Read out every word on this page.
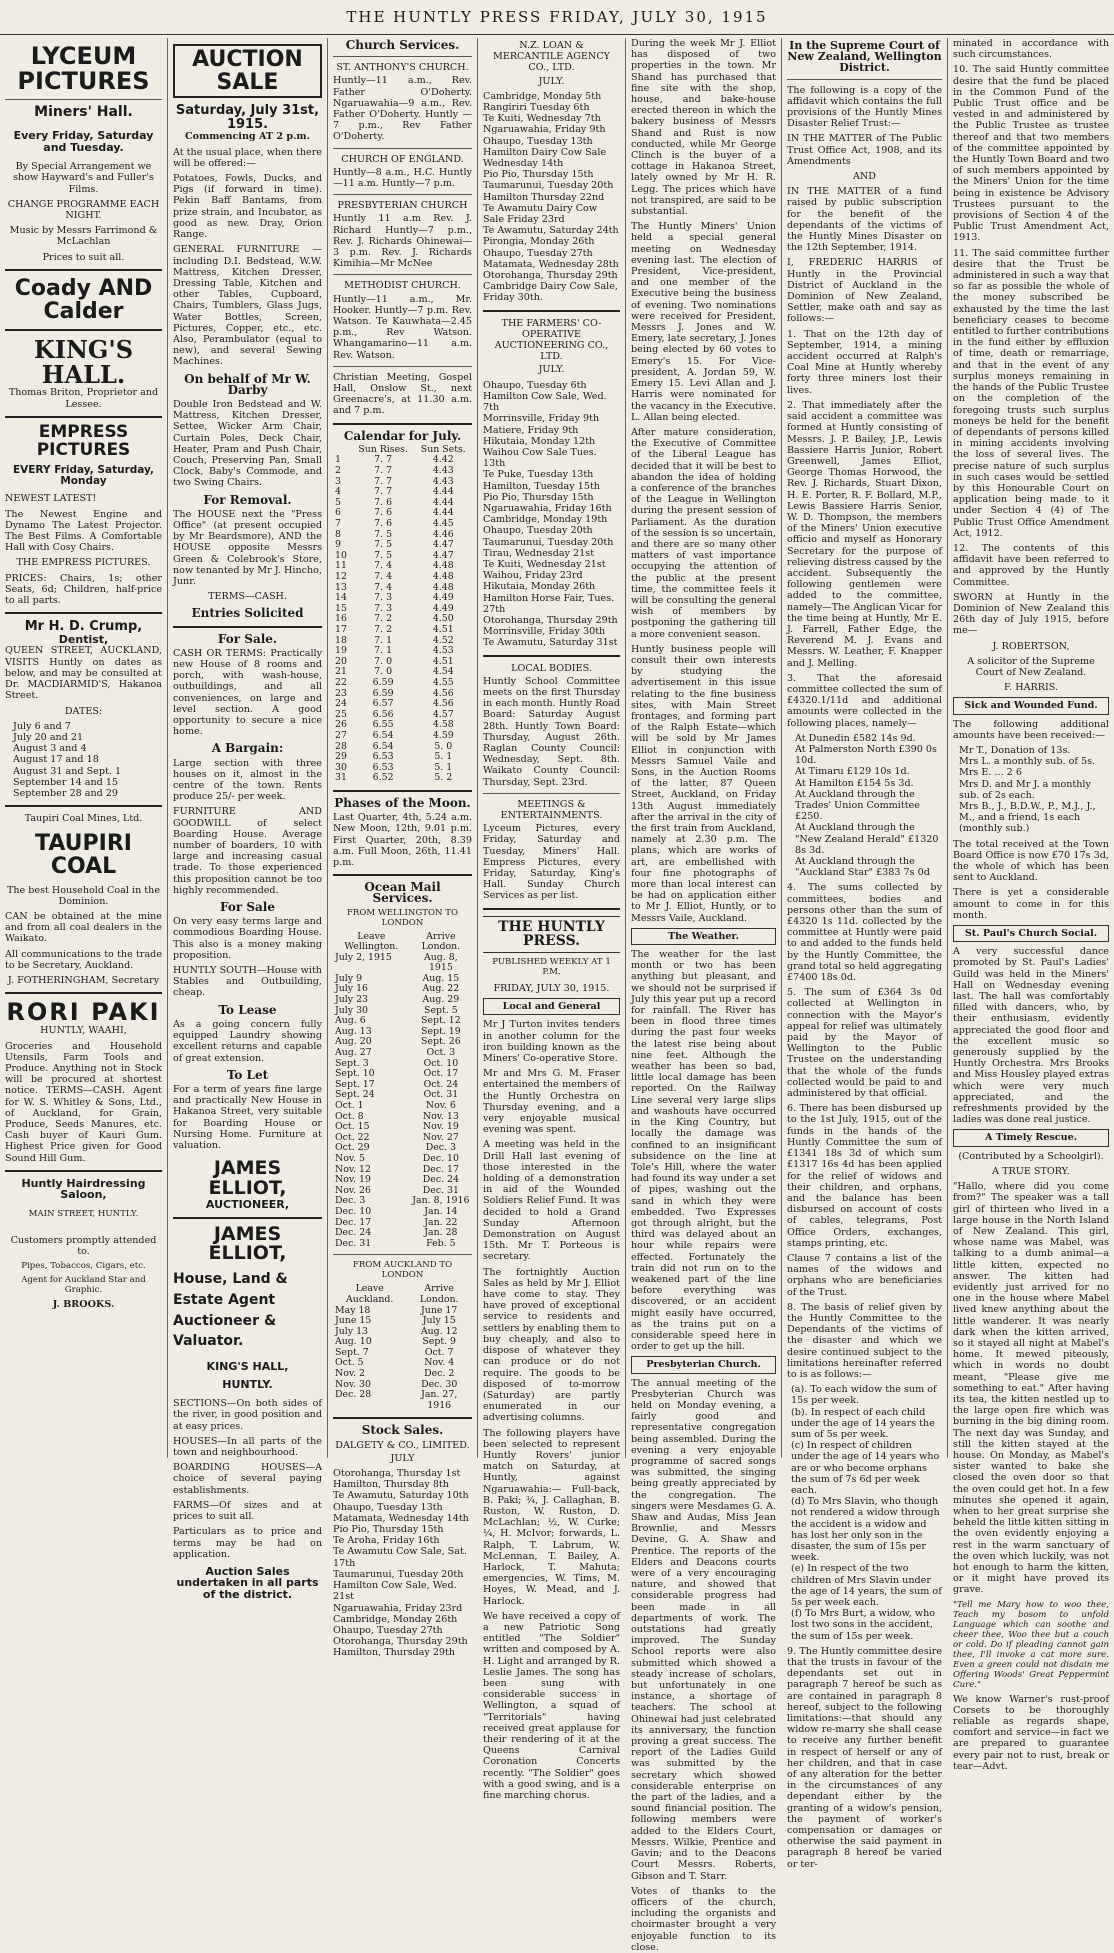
THE HUNTLY PRESS FRIDAY, JULY 30, 1915
LYCEUM PICTURES
Miners' Hall.
Every Friday, Saturday and Tuesday.

By Special Arrangement we show Hayward's and Fuller's Films.

CHANGE PROGRAMME EACH NIGHT.

Music by Messrs Farrimond & McLachlan

Prices to suit all.

Coady AND Calder
KING'S HALL.

Thomas Briton, Proprietor and Lessee.

EMPRESS PICTURES
EVERY Friday, Saturday, Monday

NEWEST LATEST!

The Newest Engine and Dynamo The Latest Projector. The Best Films. A Comfortable Hall with Cosy Chairs.

THE EMPRESS PICTURES.

PRICES: Chairs, 1s; other Seats, 6d; Children, half-price to all parts.

Mr H. D. Crump,
Dentist,

QUEEN STREET, AUCKLAND, VISITS Huntly on dates as below, and may be consulted at Dr. MACDIARMID'S, Hakanoa Street.

DATES:

July 6 and 7
July 20 and 21
August 3 and 4
August 17 and 18
August 31 and Sept. 1
September 14 and 15
September 28 and 29

Taupiri Coal Mines, Ltd.

TAUPIRI COAL

The best Household Coal in the Dominion.

CAN be obtained at the mine and from all coal dealers in the Waikato.

All communications to the trade to be Secretary, Auckland.

J. FOTHERINGHAM, Secretary

RORI PAKI

HUNTLY, WAAHI,

Groceries and Household Utensils, Farm Tools and Produce. Anything not in Stock will be procured at shortest notice. TERMS—CASH. Agent for W. S. Whitley & Sons, Ltd., of Auckland, for Grain, Produce, Seeds Manures, etc. Cash buyer of Kauri Gum. Highest Price given for Good Sound Hill Gum.

Huntly Hairdressing Saloon,

MAIN STREET, HUNTLY.

Customers promptly attended to.

Pipes, Tobaccos, Cigars, etc.

Agent for Auckland Star and Graphic.

J. BROOKS.

AUCTION SALE
Saturday, July 31st, 1915.

Commencing AT 2 p.m.

At the usual place, when there will be offered:—

Potatoes, Fowls, Ducks, and Pigs (if forward in time). Pekin Baff Bantams, from prize strain, and Incubator, as good as new. Dray, Orion Range.

GENERAL FURNITURE — including D.I. Bedstead, W.W. Mattress, Kitchen Dresser, Dressing Table, Kitchen and other Tables, Cupboard, Chairs, Tumblers, Glass Jugs, Water Bottles, Screen, Pictures, Copper, etc., etc. Also, Perambulator (equal to new), and several Sewing Machines.

On behalf of Mr W. Darby

Double Iron Bedstead and W. Mattress, Kitchen Dresser, Settee, Wicker Arm Chair, Curtain Poles, Deck Chair, Heater, Pram and Push Chair, Couch, Preserving Pan, Small Clock, Baby's Commode, and two Swing Chairs.

For Removal.

The HOUSE next the "Press Office" (at present occupied by Mr Beardsmore), AND the HOUSE opposite Messrs Green & Colebrook's Store, now tenanted by Mr J. Hincho, Junr.

TERMS—CASH.

Entries Solicited
For Sale.

CASH OR TERMS: Practically new House of 8 rooms and porch, with wash-house, outbuildings, and all conveniences, on large and level section. A good opportunity to secure a nice home.

A Bargain:

Large section with three houses on it, almost in the centre of the town. Rents produce 25/- per week.

FURNITURE AND GOODWILL of select Boarding House. Average number of boarders, 10 with large and increasing casual trade. To those experienced this proposition cannot be too highly recommended.

For Sale

On very easy terms large and commodious Boarding House. This also is a money making proposition.

HUNTLY SOUTH—House with Stables and Outbuilding, cheap.

To Lease

As a going concern fully equipped Laundry showing excellent returns and capable of great extension.

To Let

For a term of years fine large and practically New House in Hakanoa Street, very suitable for Boarding House or Nursing Home. Furniture at valuation.

JAMES ELLIOT,
AUCTIONEER,
JAMES ELLIOT,
House, Land &
Estate Agent
Auctioneer &
Valuator.
KING'S HALL,
HUNTLY.

SECTIONS—On both sides of the river, in good position and at easy prices.

HOUSES—In all parts of the town and neighbourhood.

BOARDING HOUSES—A choice of several paying establishments.

FARMS—Of sizes and at prices to suit all.

Particulars as to price and terms may be had on application.

Auction Sales undertaken in all parts of the district.
Church Services.

ST. ANTHONY'S CHURCH.

Huntly—11 a.m., Rev. Father O'Doherty. Ngaruawahia—9 a.m., Rev. Father O'Doherty. Huntly —7 p.m., Rev Father O'Doherty.

CHURCH OF ENGLAND.

Huntly—8 a.m., H.C. Huntly—11 a.m. Huntly—7 p.m.

PRESBYTERIAN CHURCH

Huntly 11 a.m Rev. J. Richard Huntly—7 p.m., Rev. J. Richards Ohinewai—3 p.m. Rev. J. Richards Kimihia—Mr McNee

METHODIST CHURCH.

Huntly—11 a.m., Mr. Hooker. Huntly—7 p.m. Rev. Watson. Te Kauwhata—2.45 p.m., Rev Watson. Whangamarino—11 a.m. Rev. Watson.

Christian Meeting, Gospel Hall, Onslow St., next Greenacre's, at 11.30 a.m. and 7 p.m.

Calendar for July.
	Sun Rises.	Sun Sets.
1	7. 7	4.42
2	7. 7	4.43
3	7. 7	4.43
4	7. 7	4.44
5	7. 6	4.44
6	7. 6	4.44
7	7. 6	4.45
8	7. 5	4.46
9	7. 5	4.47
10	7. 5	4.47
11	7. 4	4.48
12	7. 4	4.48
13	7. 4	4.48
14	7. 3	4.49
15	7. 3	4.49
16	7. 2	4.50
17	7. 2	4.51
18	7. 1	4.52
19	7. 1	4.53
20	7. 0	4.51
21	7. 0	4.54
22	6.59	4.55
23	6.59	4.56
24	6.57	4.56
25	6.56	4.57
26	6.55	4.58
27	6.54	4.59
28	6.54	5. 0
29	6.53	5. 1
30	6.53	5. 1
31	6.52	5. 2
Phases of the Moon.

Last Quarter, 4th, 5.24 a.m. New Moon, 12th, 9.01 p.m. First Quarter, 20th, 8.39 a.m. Full Moon, 26th, 11.41 p.m.

Ocean Mail Services.

FROM WELLINGTON TO LONDON

Leave Wellington.	Arrive London.
July 2, 1915	Aug. 8, 1915
July 9	Aug. 15
July 16	Aug. 22
July 23	Aug. 29
July 30	Sept. 5
Aug. 6	Sept. 12
Aug. 13	Sept. 19
Aug. 20	Sept. 26
Aug. 27	Oct. 3
Sept. 3	Oct. 10
Sept. 10	Oct. 17
Sept. 17	Oct. 24
Sept. 24	Oct. 31
Oct. 1	Nov. 6
Oct. 8	Nov. 13
Oct. 15	Nov. 19
Oct. 22	Nov. 27
Oct. 29	Dec. 3
Nov. 5	Dec. 10
Nov. 12	Dec. 17
Nov. 19	Dec. 24
Nov. 26	Dec. 31
Dec. 3	Jan. 8, 1916
Dec. 10	Jan. 14
Dec. 17	Jan. 22
Dec. 24	Jan. 28
Dec. 31	Feb. 5

FROM AUCKLAND TO LONDON

Leave Auckland.	Arrive London.
May 18	June 17
June 15	July 15
July 13	Aug. 12
Aug. 10	Sept. 9
Sept. 7	Oct. 7
Oct. 5	Nov. 4
Nov. 2	Dec. 2
Nov. 30	Dec. 30
Dec. 28	Jan. 27, 1916
Stock Sales.

DALGETY & CO., LIMITED.

JULY

Otorohanga, Thursday 1st
Hamilton, Thursday 8th
Te Awamutu, Saturday 10th
Ohaupo, Tuesday 13th
Matamata, Wednesday 14th
Pio Pio, Thursday 15th
Te Aroha, Friday 16th
Te Awamutu Cow Sale, Sat. 17th
Taumarunui, Tuesday 20th
Hamilton Cow Sale, Wed. 21st
Ngaruawahia, Friday 23rd
Cambridge, Monday 26th
Ohaupo, Tuesday 27th
Otorohanga, Thursday 29th
Hamilton, Thursday 29th

N.Z. LOAN & MERCANTILE AGENCY CO., LTD.

JULY.

Cambridge, Monday 5th
Rangiriri Tuesday 6th
Te Kuiti, Wednesday 7th
Ngaruawahia, Friday 9th
Ohaupo, Tuesday 13th
Hamilton Dairy Cow Sale Wednesday 14th
Pio Pio, Thursday 15th
Taumarunui, Tuesday 20th
Hamilton Thursday 22nd
Te Awamutu Dairy Cow Sale Friday 23rd
Te Awamutu, Saturday 24th
Pirongia, Monday 26th
Ohaupo, Tuesday 27th
Matamata, Wednesday 28th
Otorohanga, Thursday 29th
Cambridge Dairy Cow Sale, Friday 30th.

THE FARMERS' CO-OPERATIVE AUCTIONEERING CO., LTD.

JULY.

Ohaupo, Tuesday 6th
Hamilton Cow Sale, Wed. 7th
Morrinsville, Friday 9th
Matiere, Friday 9th
Hikutaia, Monday 12th
Waihou Cow Sale Tues. 13th
Te Puke, Tuesday 13th
Hamilton, Tuesday 15th
Pio Pio, Thursday 15th
Ngaruawahia, Friday 16th
Cambridge, Monday 19th
Ohaupo, Tuesday 20th
Taumarunui, Tuesday 20th
Tirau, Wednesday 21st
Te Kuiti, Wednesday 21st
Waihou, Friday 23rd
Hikutaia, Monday 26th
Hamilton Horse Fair, Tues. 27th
Otorohanga, Thursday 29th
Morrinsville, Friday 30th
Te Awamutu, Saturday 31st

LOCAL BODIES.

Huntly School Committee meets on the first Thursday in each month. Huntly Road Board: Saturday August 28th. Huntly Town Board: Thursday, August 26th. Raglan County Council: Wednesday, Sept. 8th. Waikato County Council: Thursday, Sept. 23rd.

MEETINGS & ENTERTAINMENTS.

Lyceum Pictures, every Friday, Saturday and Tuesday, Miners' Hall. Empress Pictures, every Friday, Saturday, King's Hall. Sunday Church Services as per list.

THE HUNTLY PRESS.

PUBLISHED WEEKLY AT 1 P.M.

FRIDAY, JULY 30, 1915.

Local and General

Mr J Turton invites tenders in another column for the iron building known as the Miners' Co-operative Store.

Mr and Mrs G. M. Fraser entertained the members of the Huntly Orchestra on Thursday evening, and a very enjoyable musical evening was spent.

A meeting was held in the Drill Hall last evening of those interested in the holding of a demonstration in aid of the Wounded Soldiers Relief Fund. It was decided to hold a Grand Sunday Afternoon Demonstration on August 15th. Mr T. Porteous is secretary.

The fortnightly Auction Sales as held by Mr J. Elliot have come to stay. They have proved of exceptional service to residents and settlers by enabling them to buy cheaply, and also to dispose of whatever they can produce or do not require. The goods to be disposed of to-morrow (Saturday) are partly enumerated in our advertising columns.

The following players have been selected to represent Huntly Rovers' junior match on Saturday, at Huntly, against Ngaruawahia:— Full-back, B. Paki; ¾, J. Callaghan, B. Ruston, W. Ruston, D. McLachlan; ½, W. Curke; ¼, H. McIvor; forwards, L. Ralph, T. Labrum, W. McLennan, T. Bailey, A. Harlock, T. Mahuta; emergencies, W. Tims, M. Hoyes, W. Mead, and J. Harlock.

We have received a copy of a new Patriotic Song entitled "The Soldier" written and composed by A. H. Light and arranged by R. Leslie James. The song has been sung with considerable success in Wellington, a squad of "Territorials" having received great applause for their rendering of it at the Queens Carnival Coronation Concerts recently. "The Soldier" goes with a good swing, and is a fine marching chorus.

During the week Mr J. Elliot has disposed of two properties in the town. Mr Shand has purchased that fine site with the shop, house, and bake-house erected thereon in which the bakery business of Messrs Shand and Rust is now conducted, while Mr George Clinch is the buyer of a cottage in Hakanoa Street, lately owned by Mr H. R. Legg. The prices which have not transpired, are said to be substantial.

The Huntly Miners' Union held a special general meeting on Wednesday evening last. The election of President, Vice-president, and one member of the Executive being the business of evening. Two nominations were received for President, Messrs J. Jones and W. Emery, late secretary, J. Jones being elected by 60 votes to Emery's 15. For Vice-president, A. Jordan 59, W. Emery 15. Levi Allan and J. Harris were nominated for the vacancy in the Executive. L. Allan being elected.

After mature consideration, the Executive of Committee of the Liberal League has decided that it will be best to abandon the idea of holding a conference of the branches of the League in Wellington during the present session of Parliament. As the duration of the session is so uncertain, and there are so many other matters of vast importance occupying the attention of the public at the present time, the committee feels it will be consulting the general wish of members by postponing the gathering till a more convenient season.

Huntly business people will consult their own interests by studying the advertisement in this issue relating to the fine business sites, with Main Street frontages, and forming part of the Ralph Estate—which will be sold by Mr James Elliot in conjunction with Messrs Samuel Vaile and Sons, in the Auction Rooms of the latter, 87 Queen Street, Auckland, on Friday 13th August immediately after the arrival in the city of the first train from Auckland, namely at 2.30 p.m. The plans, which are works of art, are embellished with four fine photographs of more than local interest can be had on application either to Mr J. Elliot, Huntly, or to Messrs Vaile, Auckland.

The Weather.

The weather for the last month or two has been anything but pleasant, and we should not be surprised if July this year put up a record for rainfall. The River has been in flood three times during the past four weeks the latest rise being about nine feet. Although the weather has been so bad, little local damage has been reported. On the Railway Line several very large slips and washouts have occurred in the King Country, but locally the damage was confined to an insignificant subsidence on the line at Tole's Hill, where the water had found its way under a set of pipes, washing out the sand in which they were embedded. Two Expresses got through alright, but the third was delayed about an hour while repairs were effected. Fortunately the train did not run on to the weakened part of the line before everything was discovered, or an accident might easily have occurred, as the trains put on a considerable speed here in order to get up the hill.

Presbyterian Church.

The annual meeting of the Presbyterian Church was held on Monday evening, a fairly good and representative congregation being assembled. During the evening a very enjoyable programme of sacred songs was submitted, the singing being greatly appreciated by the congregation. The singers were Mesdames G. A. Shaw and Audas, Miss Jean Brownlie, and Messrs Devine, G. A. Shaw and Prentice. The reports of the Elders and Deacons courts were of a very encouraging nature, and showed that considerable progress had been made in all departments of work. The outstations had greatly improved. The Sunday School reports were also submitted which showed a steady increase of scholars, but unfortunately in one instance, a shortage of teachers. The school at Ohinewai had just celebrated its anniversary, the function proving a great success. The report of the Ladies Guild was submitted by the secretary which showed considerable enterprise on the part of the ladies, and a sound financial position. The following members were added to the Elders Court, Messrs. Wilkie, Prentice and Gavin; and to the Deacons Court Messrs. Roberts, Gibson and T. Starr.

Votes of thanks to the officers of the church, including the organists and choirmaster brought a very enjoyable function to its close.

In the Supreme Court of New Zealand, Wellington District.

The following is a copy of the affidavit which contains the full provisions of the Huntly Mines Disaster Relief Trust:—

IN THE MATTER of The Public Trust Office Act, 1908, and its Amendments

AND

IN THE MATTER of a fund raised by public subscription for the benefit of the dependants of the victims of the Huntly Mines Disaster on the 12th September, 1914.

I, FREDERIC HARRIS of Huntly in the Provincial District of Auckland in the Dominion of New Zealand, Settler, make oath and say as follows:—

1. That on the 12th day of September, 1914, a mining accident occurred at Ralph's Coal Mine at Huntly whereby forty three miners lost their lives.

2. That immediately after the said accident a committee was formed at Huntly consisting of Messrs. J. P. Bailey, J.P., Lewis Bassiere Harris Junior, Robert Greenwell, James Elliot, George Thomas Horwood, the Rev. J. Richards, Stuart Dixon, H. E. Porter, R. F. Bollard, M.P., Lewis Bassiere Harris Senior, W. D. Thompson, the members of the Miners' Union executive officio and myself as Honorary Secretary for the purpose of relieving distress caused by the accident. Subsequently the following gentlemen were added to the committee, namely—The Anglican Vicar for the time being at Huntly, Mr E. J. Farrell, Father Edge, the Reverend M. J. Evans and Messrs. W. Leather, F. Knapper and J. Melling.

3. That the aforesaid committee collected the sum of £4320.1/11d and additional amounts were collected in the following places, namely—

At Dunedin £582 14s 9d.
At Palmerston North £390 0s 10d.
At Timaru £129 10s 1d.
At Hamilton £154 5s 3d.
At Auckland through the Trades' Union Committee £250.
At Auckland through the "New Zealand Herald" £1320 8s 3d.
At Auckland through the "Auckland Star" £383 7s 0d

4. The sums collected by committees, bodies and persons other than the sum of £4320 1s 11d. collected by the committee at Huntly were paid to and added to the funds held by the Huntly Committee, the grand total so held aggregating £7400 18s 0d.

5. The sum of £364 3s 0d collected at Wellington in connection with the Mayor's appeal for relief was ultimately paid by the Mayor of Wellington to the Public Trustee on the understanding that the whole of the funds collected would be paid to and administered by that official.

6. There has been disbursed up to the 1st July, 1915, out of the funds in the hands of the Huntly Committee the sum of £1341 18s 3d of which sum £1317 16s 4d has been applied for the relief of widows and their children, and orphans, and the balance has been disbursed on account of costs of cables, telegrams, Post Office Orders, exchanges, stamps printing, etc.

Clause 7 contains a list of the names of the widows and orphans who are beneficiaries of the Trust.

8. The basis of relief given by the Huntly Committee to the Dependants of the victims of the disaster and which we desire continued subject to the limitations hereinafter referred to is as follows:—

(a). To each widow the sum of 15s per week.
(b). In respect of each child under the age of 14 years the sum of 5s per week.
(c) In respect of children under the age of 14 years who are or who become orphans the sum of 7s 6d per week each.
(d) To Mrs Slavin, who though not rendered a widow through the accident is a widow and has lost her only son in the disaster, the sum of 15s per week.
(e) In respect of the two children of Mrs Slavin under the age of 14 years, the sum of 5s per week each.
(f) To Mrs Burt, a widow, who lost two sons in the accident, the sum of 15s per week.

9. The Huntly committee desire that the trusts in favour of the dependants set out in paragraph 7 hereof be such as are contained in paragraph 8 hereof, subject to the following limitations:—that should any widow re-marry she shall cease to receive any further benefit in respect of herself or any of her children, and that in case of any alteration for the better in the circumstances of any dependant either by the granting of a widow's pension, the payment of worker's compensation or damages or otherwise the said payment in paragraph 8 hereof be varied or ter-

minated in accordance with such circumstances.

10. The said Huntly committee desire that the fund be placed in the Common Fund of the Public Trust office and be vested in and administered by the Public Trustee as trustee thereof and that two members of the committee appointed by the Huntly Town Board and two of such members appointed by the Miners' Union for the time being in existence be Advisory Trustees pursuant to the provisions of Section 4 of the Public Trust Amendment Act, 1913.

11. The said committee further desire that the Trust be administered in such a way that so far as possible the whole of the money subscribed be exhausted by the time the last beneficiary ceases to become entitled to further contributions in the fund either by effluxion of time, death or remarriage, and that in the event of any surplus moneys remaining in the hands of the Public Trustee on the completion of the foregoing trusts such surplus moneys be held for the benefit of dependants of persons killed in mining accidents involving the loss of several lives. The precise nature of such surplus in such cases would be settled by this Honourable Court on application being made to it under Section 4 (4) of The Public Trust Office Amendment Act, 1912.

12. The contents of this affidavit have been referred to and approved by the Huntly Committee.

SWORN at Huntly in the Dominion of New Zealand this 26th day of July 1915, before me—

J. ROBERTSON,

A solicitor of the Supreme Court of New Zealand.

F. HARRIS.

Sick and Wounded Fund.

The following additional amounts have been received:—

Mr T., Donation of 13s.
Mrs L. a monthly sub. of 5s.
Mrs E. ... 2 6
Mrs D. and Mr J. a monthly sub. of 2s each.
Mrs B., J., B.D.W., P., M.J., J., M., and a friend, 1s each (monthly sub.)

The total received at the Town Board Office is now £70 17s 3d, the whole of which has been sent to Auckland.

There is yet a considerable amount to come in for this month.

St. Paul's Church Social.

A very successful dance promoted by St. Paul's Ladies' Guild was held in the Miners' Hall on Wednesday evening last. The hall was comfortably filled with dancers, who, by their enthusiasm, evidently appreciated the good floor and the excellent music so generously supplied by the Huntly Orchestra. Mrs Brooks and Miss Housley played extras which were very much appreciated, and the refreshments provided by the ladies was done real justice.

A Timely Rescue.

(Contributed by a Schoolgirl).

A TRUE STORY.

"Hallo, where did you come from?" The speaker was a tall girl of thirteen who lived in a large house in the North Island of New Zealand. This girl, whose name was Mabel, was talking to a dumb animal—a little kitten, expected no answer. The kitten had evidently just arrived for no one in the house where Mabel lived knew anything about the little wanderer. It was nearly dark when the kitten arrived, so it stayed all night at Mabel's home. It mewed piteously, which in words no doubt meant, "Please give me something to eat." After having its tea, the kitten nestled up to the large open fire which was burning in the big dining room. The next day was Sunday, and still the kitten stayed at the house. On Monday, as Mabel's sister wanted to bake she closed the oven door so that the oven could get hot. In a few minutes she opened it again, when to her great surprise she beheld the little kitten sitting in the oven evidently enjoying a rest in the warm sanctuary of the oven which luckily, was not hot enough to harm the kitten, or it might have proved its grave.

"Tell me Mary how to woo thee, Teach my bosom to unfold Language which can soothe and cheer thee, Woo thee but a couch or cold. Do if pleading cannot gain thee, I'll invoke a cat more sure. Even a green could not disdain me Offering Woods' Great Peppermint Cure."

We know Warner's rust-proof Corsets to be thoroughly reliable as regards shape, comfort and service—in fact we are prepared to guarantee every pair not to rust, break or tear—Advt.
